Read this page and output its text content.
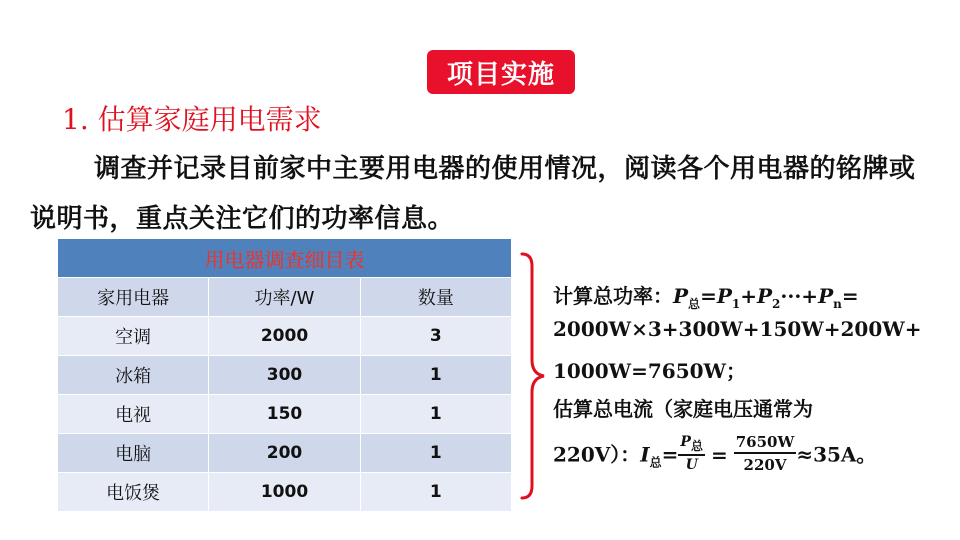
项目实施
1. 估算家庭用电需求
调查并记录目前家中主要用电器的使用情况，阅读各个用电器的铭牌或说明书，重点关注它们的功率信息。
用电器调查细目表		
家用电器	功率/W	数量
空调	2000	3
冰箱	300	1
电视	150	1
电脑	200	1
电饭煲	1000	1
计算总功率：$P_总=P_1+P_2\cdot\cdot\cdot+P_n=$
2000W×3+300W+150W+200W+
1000W=7650W；
估算总电流（家庭电压通常为
220V）：$I_总= \frac{P_总}{U} = \frac{7650W}{220V} \approx 35A$。
